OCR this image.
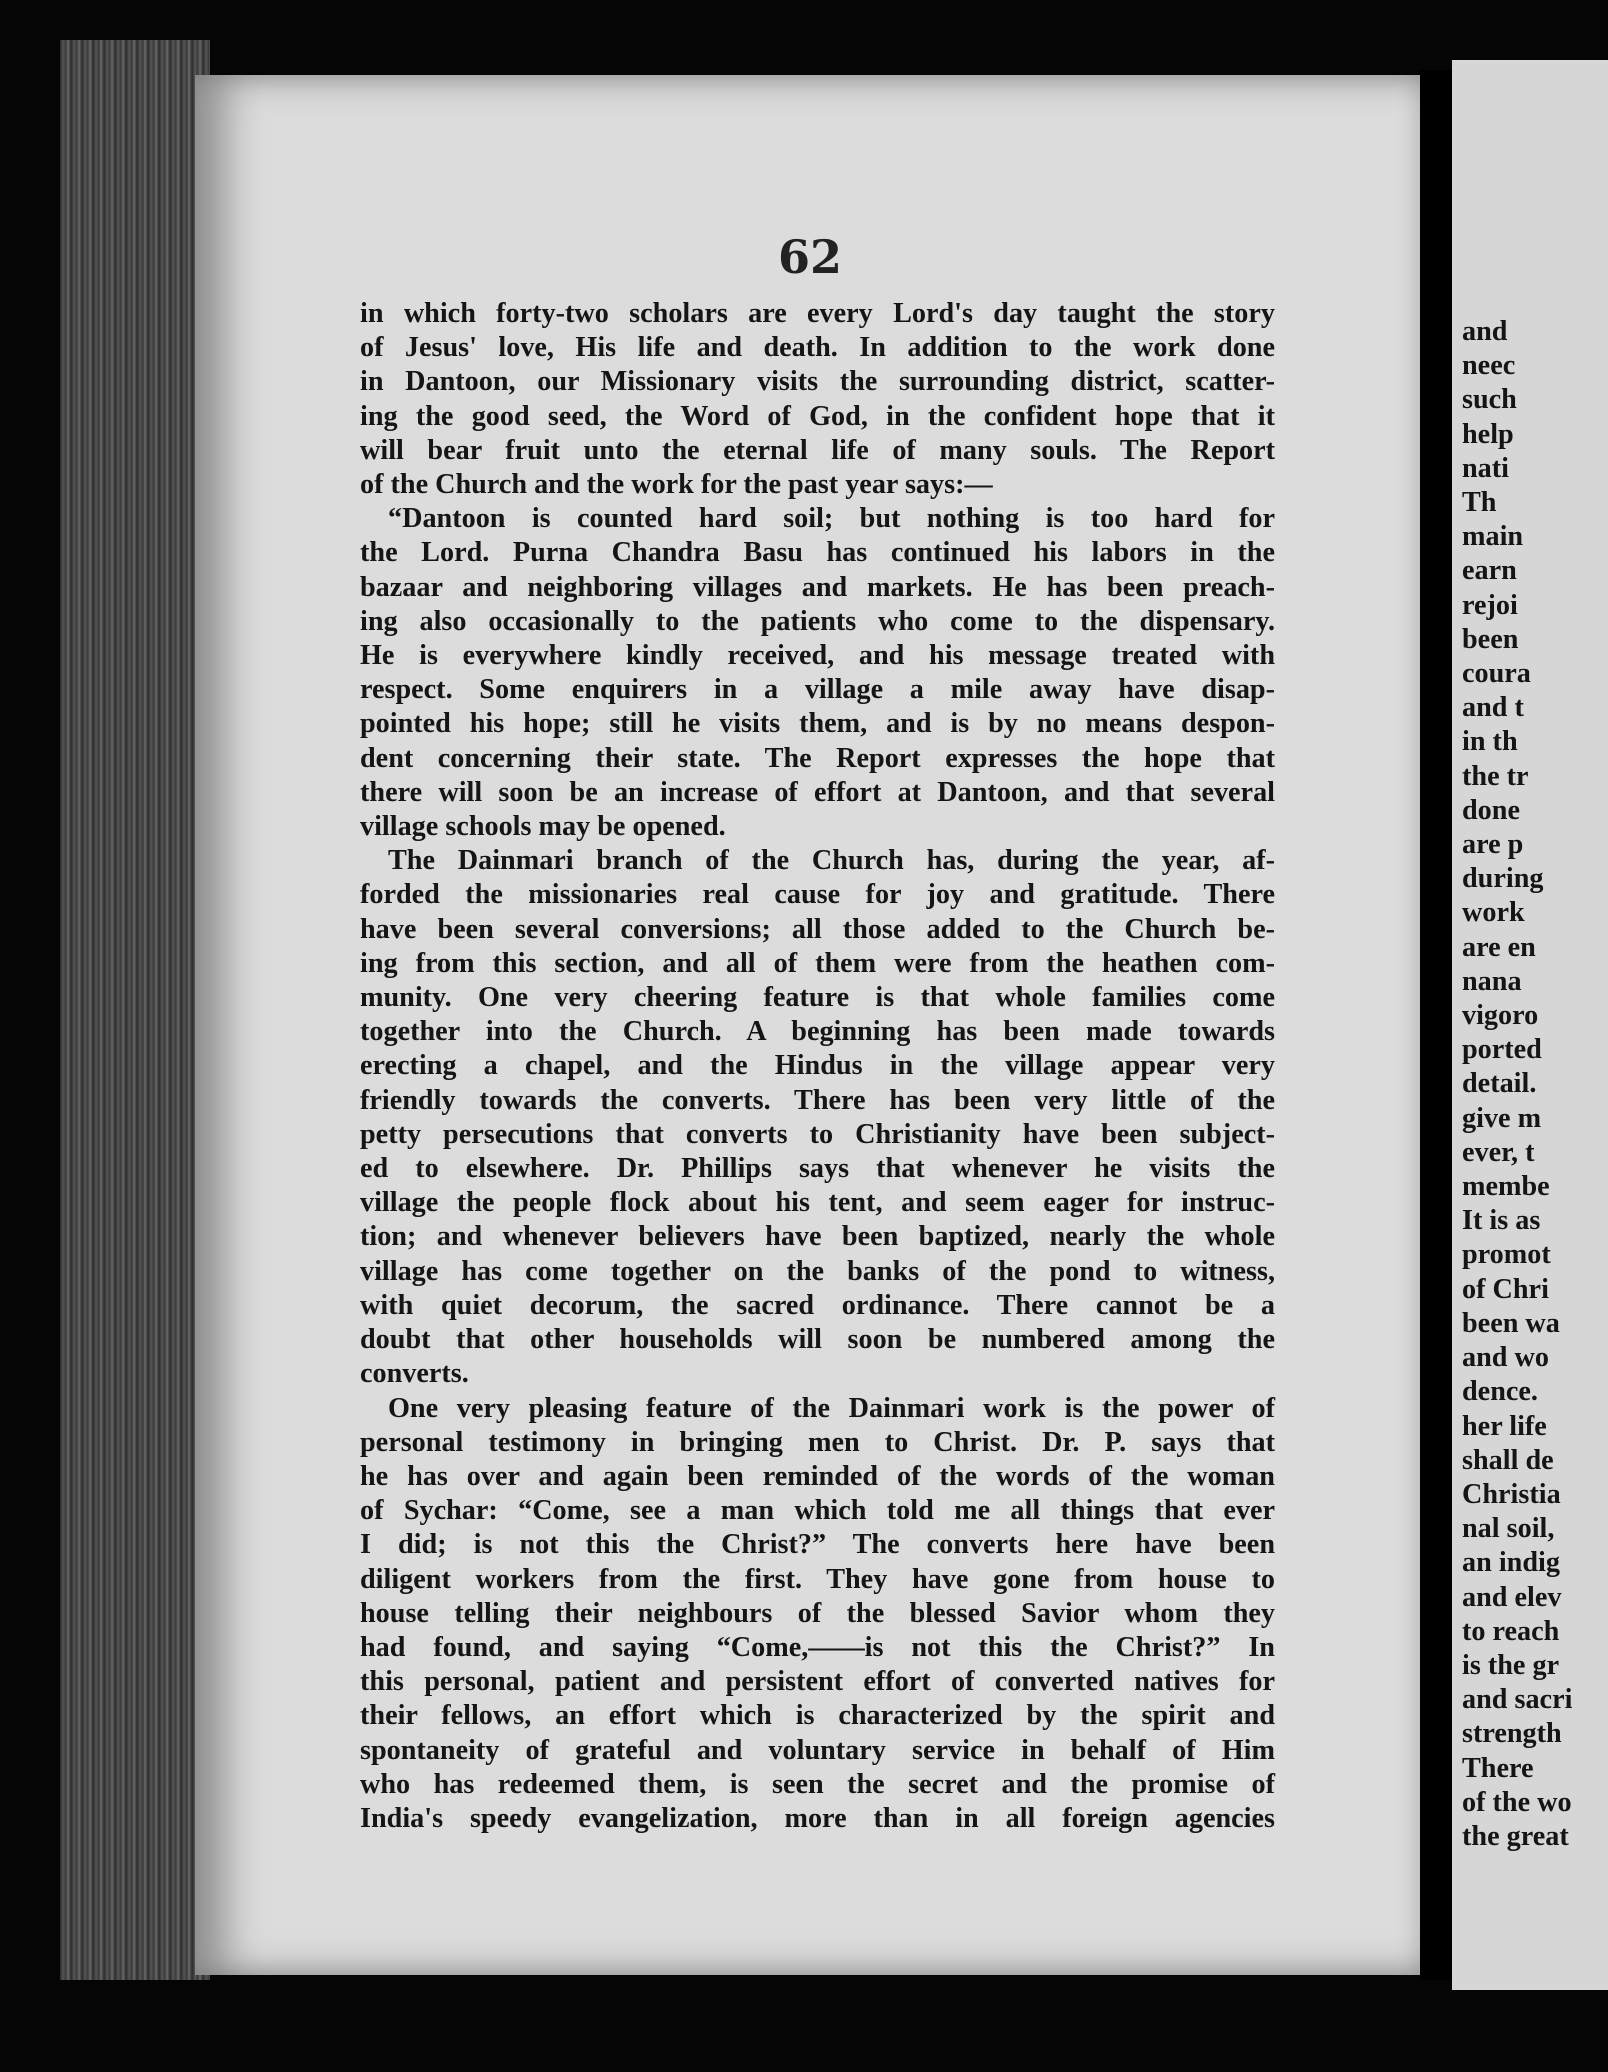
62
in which forty-two scholars are every Lord's day taught the story
of Jesus' love, His life and death. In addition to the work done
in Dantoon, our Missionary visits the surrounding district, scatter-
ing the good seed, the Word of God, in the confident hope that it
will bear fruit unto the eternal life of many souls. The Report
of the Church and the work for the past year says:—
“Dantoon is counted hard soil; but nothing is too hard for
the Lord. Purna Chandra Basu has continued his labors in the
bazaar and neighboring villages and markets. He has been preach-
ing also occasionally to the patients who come to the dispensary.
He is everywhere kindly received, and his message treated with
respect. Some enquirers in a village a mile away have disap-
pointed his hope; still he visits them, and is by no means despon-
dent concerning their state. The Report expresses the hope that
there will soon be an increase of effort at Dantoon, and that several
village schools may be opened.
The Dainmari branch of the Church has, during the year, af-
forded the missionaries real cause for joy and gratitude. There
have been several conversions; all those added to the Church be-
ing from this section, and all of them were from the heathen com-
munity. One very cheering feature is that whole families come
together into the Church. A beginning has been made towards
erecting a chapel, and the Hindus in the village appear very
friendly towards the converts. There has been very little of the
petty persecutions that converts to Christianity have been subject-
ed to elsewhere. Dr. Phillips says that whenever he visits the
village the people flock about his tent, and seem eager for instruc-
tion; and whenever believers have been baptized, nearly the whole
village has come together on the banks of the pond to witness,
with quiet decorum, the sacred ordinance. There cannot be a
doubt that other households will soon be numbered among the
converts.
One very pleasing feature of the Dainmari work is the power of
personal testimony in bringing men to Christ. Dr. P. says that
he has over and again been reminded of the words of the woman
of Sychar: “Come, see a man which told me all things that ever
I did; is not this the Christ?” The converts here have been
diligent workers from the first. They have gone from house to
house telling their neighbours of the blessed Savior whom they
had found, and saying “Come,——is not this the Christ?” In
this personal, patient and persistent effort of converted natives for
their fellows, an effort which is characterized by the spirit and
spontaneity of grateful and voluntary service in behalf of Him
who has redeemed them, is seen the secret and the promise of
India's speedy evangelization, more than in all foreign agencies
and
neec
such
help
nati
Th
main
earn
rejoi
been
coura
and t
in th
the tr
done
are p
during
work
are en
nana
vigoro
ported
detail.
give m
ever, t
membe
It is as
promot
of Chri
been wa
and wo
dence.
her life
shall de
Christia
nal soil,
an indig
and elev
to reach
is the gr
and sacri
strength
There
of the wo
the great
